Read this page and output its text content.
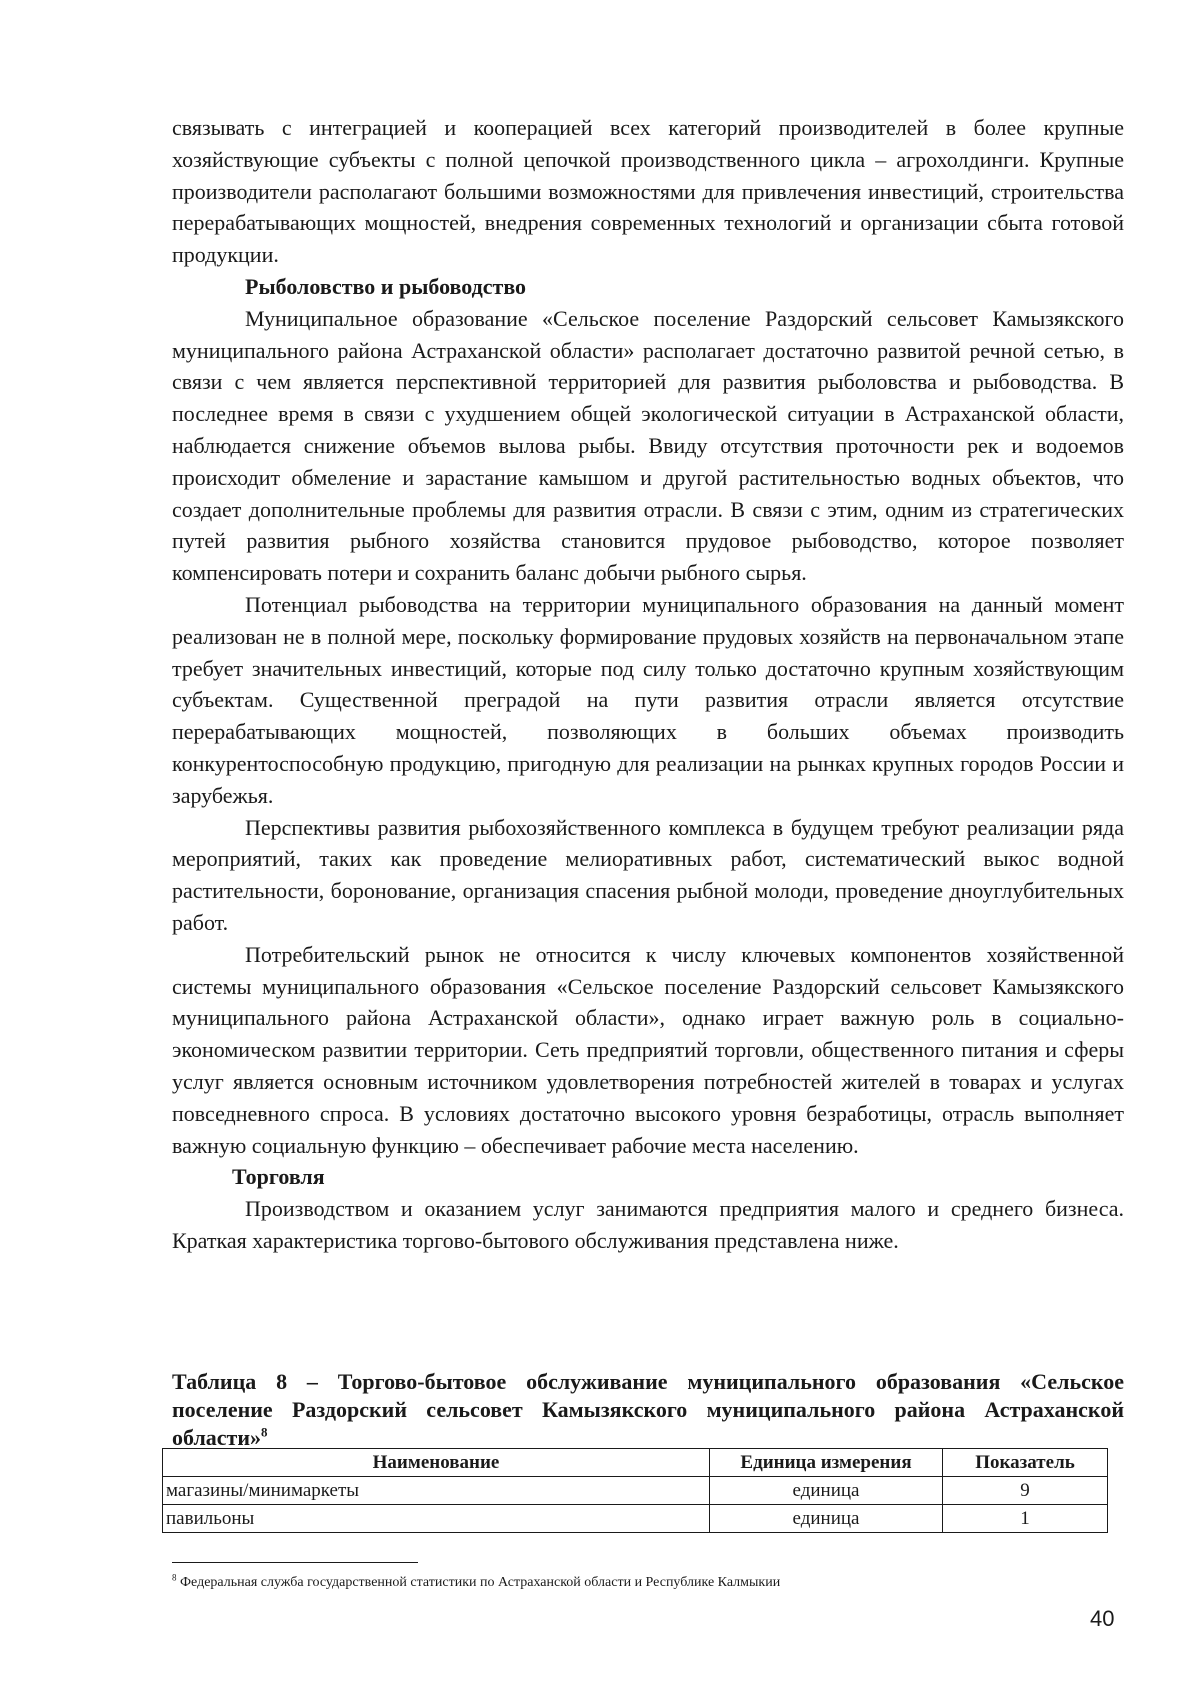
связывать с интеграцией и кооперацией всех категорий производителей в более крупные хозяйствующие субъекты с полной цепочкой производственного цикла – агрохолдинги. Крупные производители располагают большими возможностями для привлечения инвестиций, строительства перерабатывающих мощностей, внедрения современных технологий и организации сбыта готовой продукции.

Рыболовство и рыбоводство

Муниципальное образование «Сельское поселение Раздорский сельсовет Камызякского муниципального района Астраханской области» располагает достаточно развитой речной сетью, в связи с чем является перспективной территорией для развития рыболовства и рыбоводства. В последнее время в связи с ухудшением общей экологической ситуации в Астраханской области, наблюдается снижение объемов вылова рыбы. Ввиду отсутствия проточности рек и водоемов происходит обмеление и зарастание камышом и другой растительностью водных объектов, что создает дополнительные проблемы для развития отрасли. В связи с этим, одним из стратегических путей развития рыбного хозяйства становится прудовое рыбоводство, которое позволяет компенсировать потери и сохранить баланс добычи рыбного сырья.

Потенциал рыбоводства на территории муниципального образования на данный момент реализован не в полной мере, поскольку формирование прудовых хозяйств на первоначальном этапе требует значительных инвестиций, которые под силу только достаточно крупным хозяйствующим субъектам. Существенной преградой на пути развития отрасли является отсутствие перерабатывающих мощностей, позволяющих в больших объемах производить конкурентоспособную продукцию, пригодную для реализации на рынках крупных городов России и зарубежья.

Перспективы развития рыбохозяйственного комплекса в будущем требуют реализации ряда мероприятий, таких как проведение мелиоративных работ, систематический выкос водной растительности, боронование, организация спасения рыбной молоди, проведение дноуглубительных работ.

Потребительский рынок не относится к числу ключевых компонентов хозяйственной системы муниципального образования «Сельское поселение Раздорский сельсовет Камызякского муниципального района Астраханской области», однако играет важную роль в социально-экономическом развитии территории. Сеть предприятий торговли, общественного питания и сферы услуг является основным источником удовлетворения потребностей жителей в товарах и услугах повседневного спроса. В условиях достаточно высокого уровня безработицы, отрасль выполняет важную социальную функцию – обеспечивает рабочие места населению.

Торговля

Производством и оказанием услуг занимаются предприятия малого и среднего бизнеса. Краткая характеристика торгово-бытового обслуживания представлена ниже.

Таблица 8 – Торгово-бытовое обслуживание муниципального образования «Сельское поселение Раздорский сельсовет Камызякского муниципального района Астраханской области»$^8$
Наименование	Единица измерения	Показатель
магазины/минимаркеты	единица	9
павильоны	единица	1
$^8$ Федеральная служба государственной статистики по Астраханской области и Республике Калмыкии
40
